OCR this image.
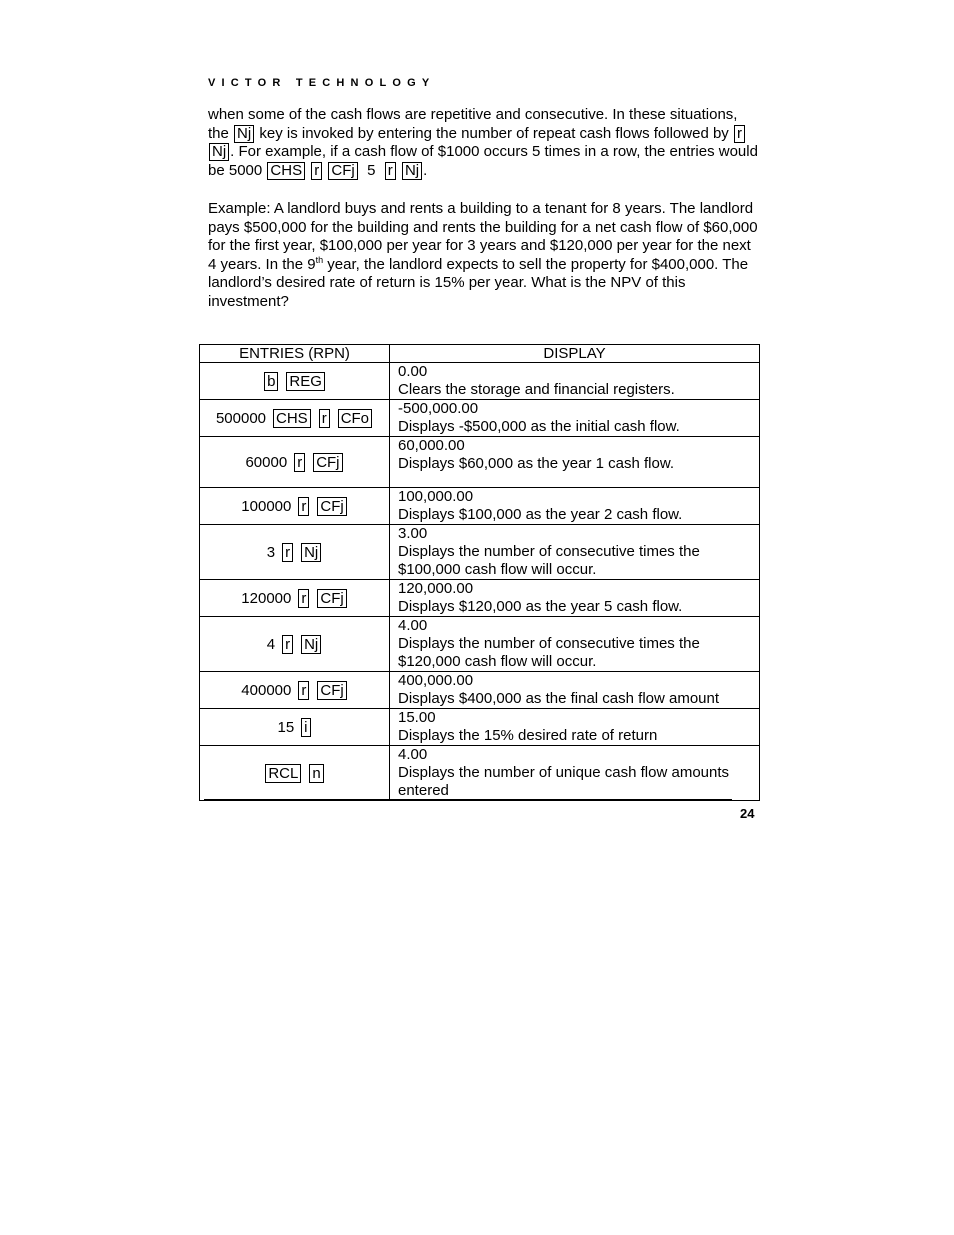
VICTOR TECHNOLOGY
when some of the cash flows are repetitive and consecutive. In these situations, the Nj key is invoked by entering the number of repeat cash flows followed by r Nj . For example, if a cash flow of $1000 occurs 5 times in a row, the entries would be 5000 CHS r CFj 5 r Nj .
Example: A landlord buys and rents a building to a tenant for 8 years. The landlord pays $500,000 for the building and rents the building for a net cash flow of $60,000 for the first year, $100,000 per year for 3 years and $120,000 per year for the next 4 years. In the 9th year, the landlord expects to sell the property for $400,000. The landlord’s desired rate of return is 15% per year. What is the NPV of this investment?
ENTRIES (RPN)	DISPLAY
b REG	0.00
Clears the storage and financial registers.

500000 CHS r CFo	-500,000.00
Displays -$500,000 as the initial cash flow.

60000 r CFj	60,000.00
Displays $60,000 as the year 1 cash flow.

100000 r CFj	100,000.00
Displays $100,000 as the year 2 cash flow.

3 r Nj	3.00
Displays the number of consecutive times the $100,000 cash flow will occur.

120000 r CFj	120,000.00
Displays $120,000 as the year 5 cash flow.

4 r Nj	4.00
Displays the number of consecutive times the $120,000 cash flow will occur.

400000 r CFj	400,000.00
Displays $400,000 as the final cash flow amount

15 i	15.00
Displays the 15% desired rate of return

RCL n	4.00
Displays the number of unique cash flow amounts entered
24
